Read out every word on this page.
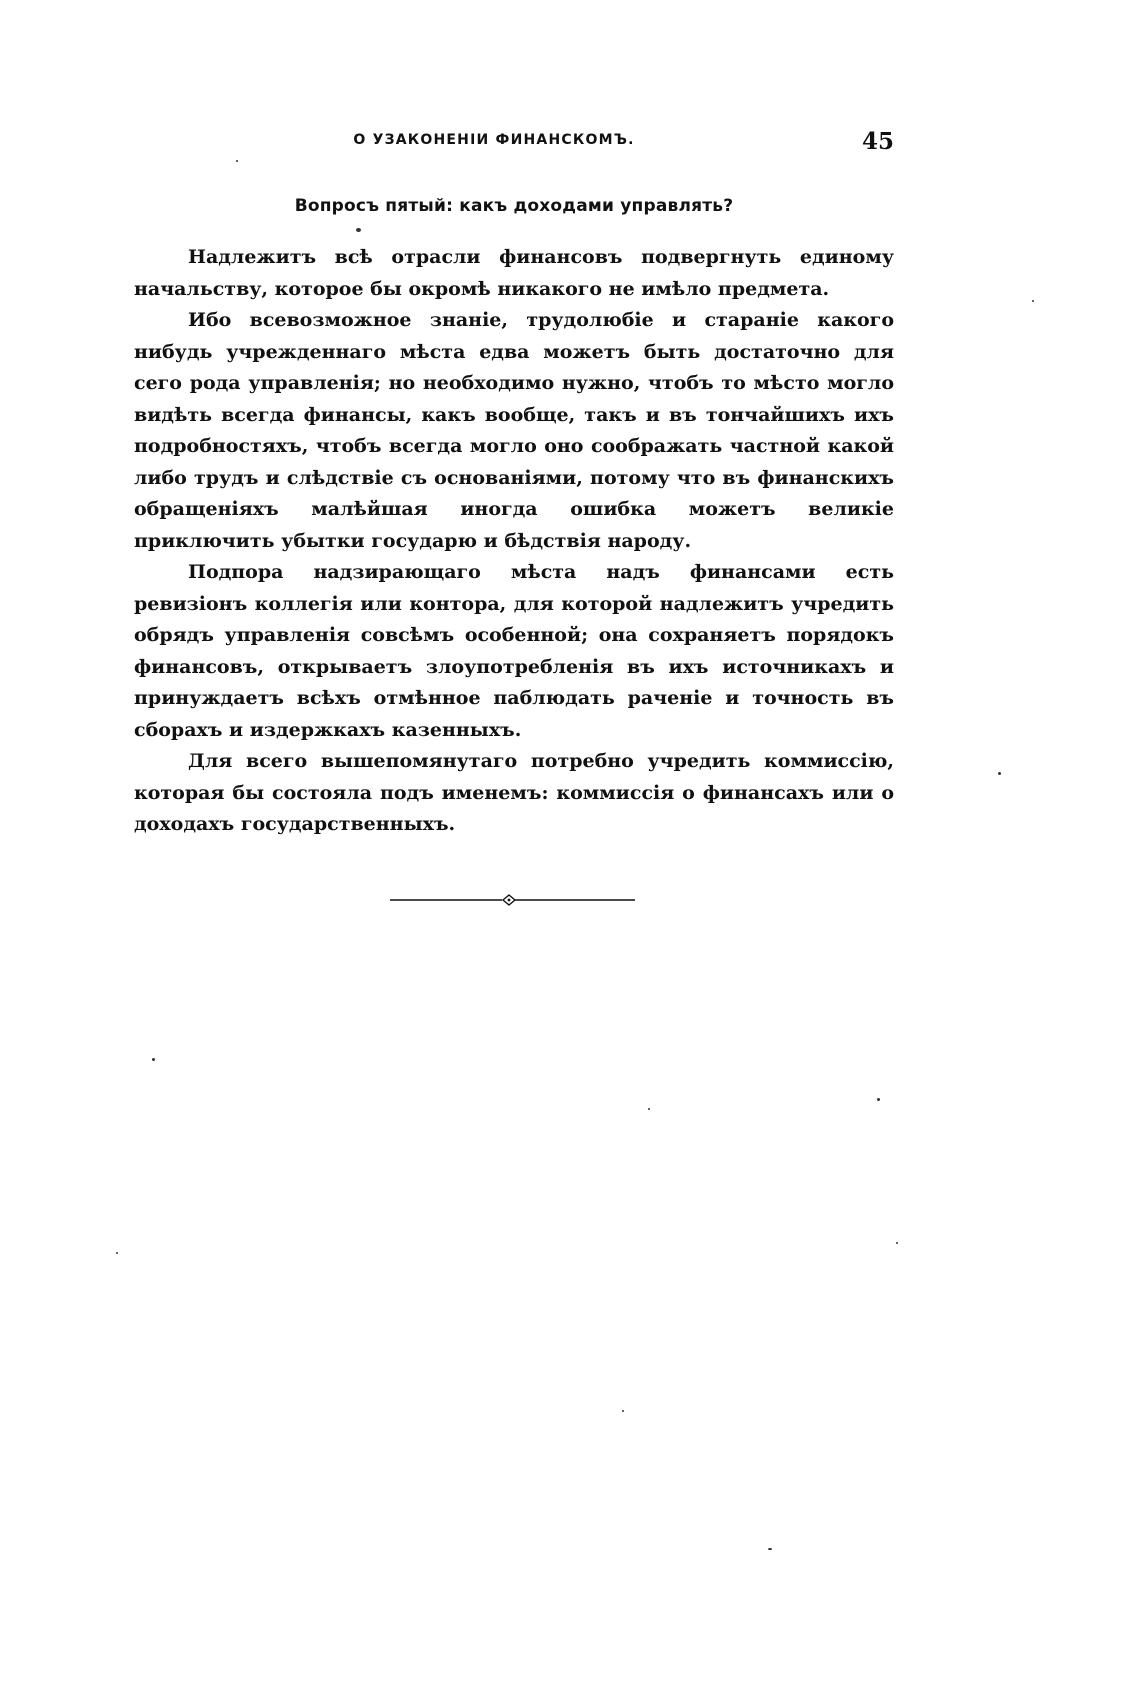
О УЗАКОНЕНІИ ФИНАНСКОМЪ.	45
Вопросъ пятый: какъ доходами управлять?

Надлежитъ всѣ отрасли финансовъ подвергнуть единому начальству, которое бы окромѣ никакого не имѣло предмета.

Ибо всевозможное знаніе, трудолюбіе и стараніе какого нибудь учрежденнаго мѣста едва можетъ быть достаточно для сего рода управленія; но необходимо нужно, чтобъ то мѣсто могло видѣть всегда финансы, какъ вообще, такъ и въ тончайшихъ ихъ подробностяхъ, чтобъ всегда могло оно соображать частной какой либо трудъ и слѣдствіе съ основаніями, потому что въ финанскихъ обращеніяхъ малѣйшая иногда ошибка можетъ великіе приключить убытки государю и бѣдствія народу.

Подпора надзирающаго мѣста надъ финансами есть ревизіонъ коллегія или контора, для которой надлежитъ учредить обрядъ управленія совсѣмъ особенной; она сохраняетъ порядокъ финансовъ, открываетъ злоупотребленія въ ихъ источникахъ и принуждаетъ всѣхъ отмѣнное паблюдать раченіе и точность въ сборахъ и издержкахъ казенныхъ.

Для всего вышепомянутаго потребно учредить коммиссію, которая бы состояла подъ именемъ: коммиссія о финансахъ или о доходахъ государственныхъ.
